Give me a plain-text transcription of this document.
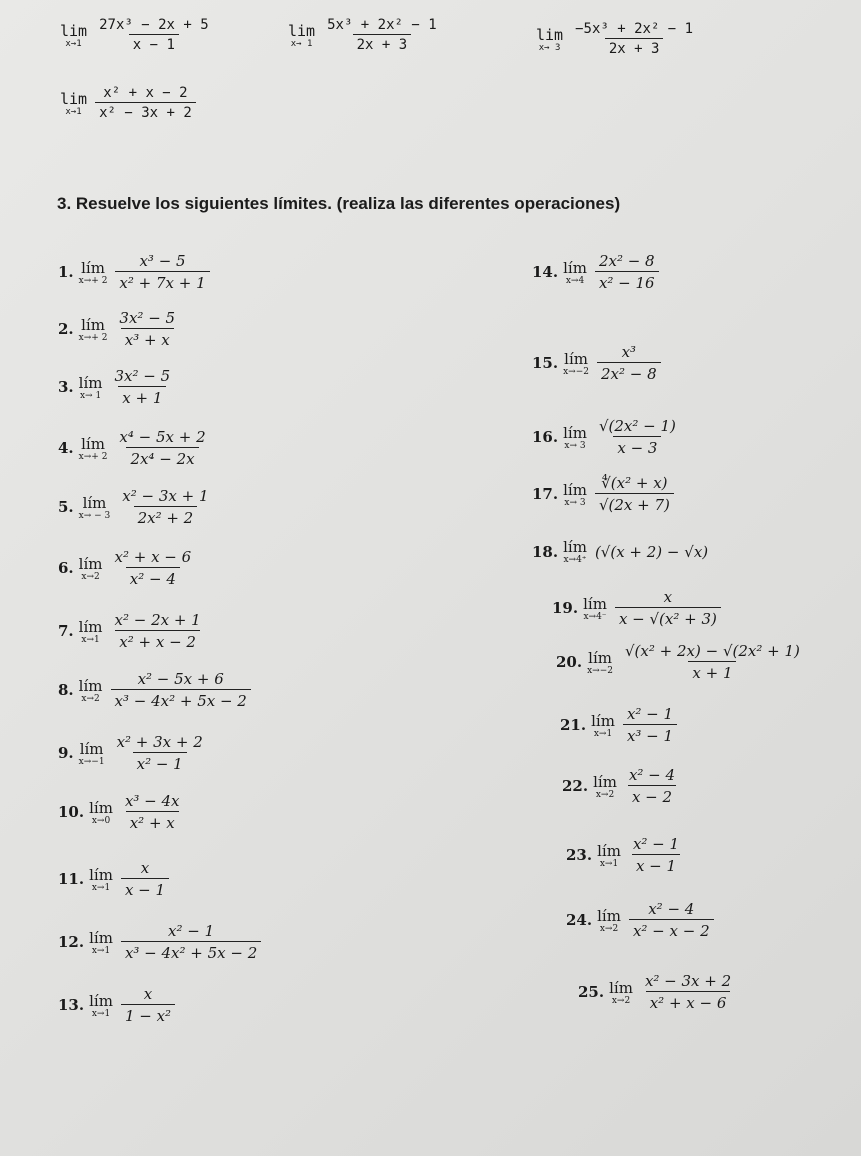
lim
$x\to 1 \frac{\text{27x³ − 2x + 5}}{x - 1}$	lim
$x\to 1 \frac{\text{5x³ + 2x² − 1}}{2x + 3}$	lim
$x\to 3 \frac{\text{−5x³ + 2x² − 1}}{2x + 3}$
lim
$x\to 1 \frac{\text{x² + x − 2}}{\text{x² − 3x + 2}}$
3. Resuelve los siguientes límites. (realiza las diferentes operaciones)
1. lím
$x\to+ 2 \frac{\text{x³ − 5}}{\text{x² + 7x + 1}}$
2. lím
$x\to+ 2 \frac{\text{3x² − 5}}{\text{x³ + x}}$
3. lím
$x\to 1 \frac{\text{3x² − 5}}{x + 1}$
4. lím
$x\to+ 2 \frac{\text{x⁴ − 5x + 2}}{\text{2x⁴ − 2x}}$
5. lím
$x\to - 3 \frac{\text{x² − 3x + 1}}{\text{2x² + 2}}$
6. lím
$x\to 2 \frac{\text{x² + x − 6}}{\text{x² − 4}}$
7. lím
$x\to 1 \frac{\text{x² − 2x + 1}}{\text{x² + x − 2}}$
8. lím
$x\to 2 \frac{\text{x² − 5x + 6}}{\text{x³ − 4x² + 5x − 2}}$
9. lím
$x\to-1 \frac{\text{x² + 3x + 2}}{\text{x² − 1}}$
10. lím
$x\to 0 \frac{\text{x³ − 4x}}{\text{x² + x}}$
11. lím
$x\to 1 \frac{x}{x - 1}$
12. lím
$x\to 1 \frac{\text{x² − 1}}{\text{x³ − 4x² + 5x − 2}}$
13. lím
$x\to 1 \frac{x}{\text{1 − x²}}$
14. lím
$x\to 4 \frac{\text{2x² − 8}}{\text{x² − 16}}$
15. lím
$x\to-2 \frac{\text{x³}}{\text{2x² − 8}}$
16. lím
$x\to 3 \frac{\text{√(2x² − 1)}}{x - 3}$
17. lím
$x\to 3 \frac{\text{∜(x² + x)}}{√(2x + 7)}$
18. lím
x→4⁺ (√(x + 2) − √x)
19. lím
$x\to 4^- \frac{x}{\text{x − √(x² + 3)}}$
20. lím
$x\to-2 \frac{\text{√(x² + 2x) − √(2x² + 1)}}{x + 1}$
21. lím
$x\to 1 \frac{\text{x² − 1}}{\text{x³ − 1}}$
22. lím
$x\to 2 \frac{\text{x² − 4}}{x - 2}$
23. lím
$x\to 1 \frac{\text{x² − 1}}{x - 1}$
24. lím
$x\to 2 \frac{\text{x² − 4}}{\text{x² − x − 2}}$
25. lím
$x\to 2 \frac{\text{x² − 3x + 2}}{\text{x² + x − 6}}$
